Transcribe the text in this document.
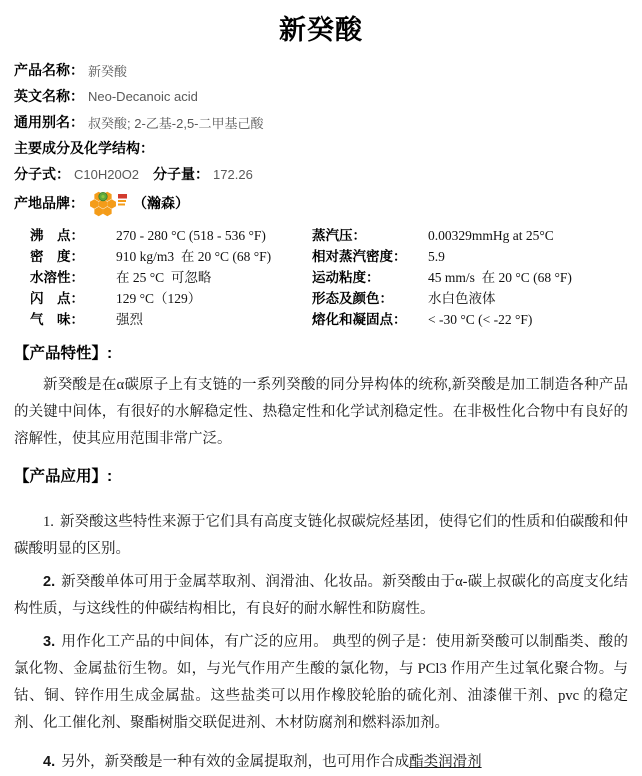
新癸酸
产品名称： 新癸酸
英文名称： Neo-Decanoic acid
通用别名： 叔癸酸; 2-乙基-2,5-二甲基己酸
主要成分及化学结构：
分子式： C10H20O2 分子量： 172.26
产地品牌：	（瀚森）
沸　点：	270 - 280 °C (518 - 536 °F)	蒸汽压：	0.00329mmHg at 25°C
密　度：	910 kg/m3  在 20 °C (68 °F)	相对蒸汽密度：	5.9
水溶性：	在 25 °C  可忽略	运动粘度：	45 mm/s  在 20 °C (68 °F)
闪　点：	129 °C（129）	形态及颜色：	水白色液体
气　味：	强烈	熔化和凝固点：	< -30 °C (< -22 °F)
【产品特性】:

新癸酸是在α碳原子上有支链的一系列癸酸的同分异构体的统称,新癸酸是加工制造各种产品的关键中间体，有很好的水解稳定性、热稳定性和化学试剂稳定性。在非极性化合物中有良好的溶解性，使其应用范围非常广泛。

【产品应用】:

1. 新癸酸这些特性来源于它们具有高度支链化叔碳烷烃基团，使得它们的性质和伯碳酸和仲碳酸明显的区别。

2. 新癸酸单体可用于金属萃取剂、润滑油、化妆品。新癸酸由于α-碳上叔碳化的高度支化结构性质，与这线性的仲碳结构相比，有良好的耐水解性和防腐性。

3. 用作化工产品的中间体，有广泛的应用。 典型的例子是：使用新癸酸可以制酯类、酸的氯化物、金属盐衍生物。如，与光气作用产生酸的氯化物，与 PCl3 作用产生过氧化聚合物。与钴、铜、锌作用生成金属盐。这些盐类可以用作橡胶轮胎的硫化剂、油漆催干剂、pvc 的稳定剂、化工催化剂、聚酯树脂交联促进剂、木材防腐剂和燃料添加剂。

4. 另外，新癸酸是一种有效的金属提取剂，也可用作合成酯类润滑剂
